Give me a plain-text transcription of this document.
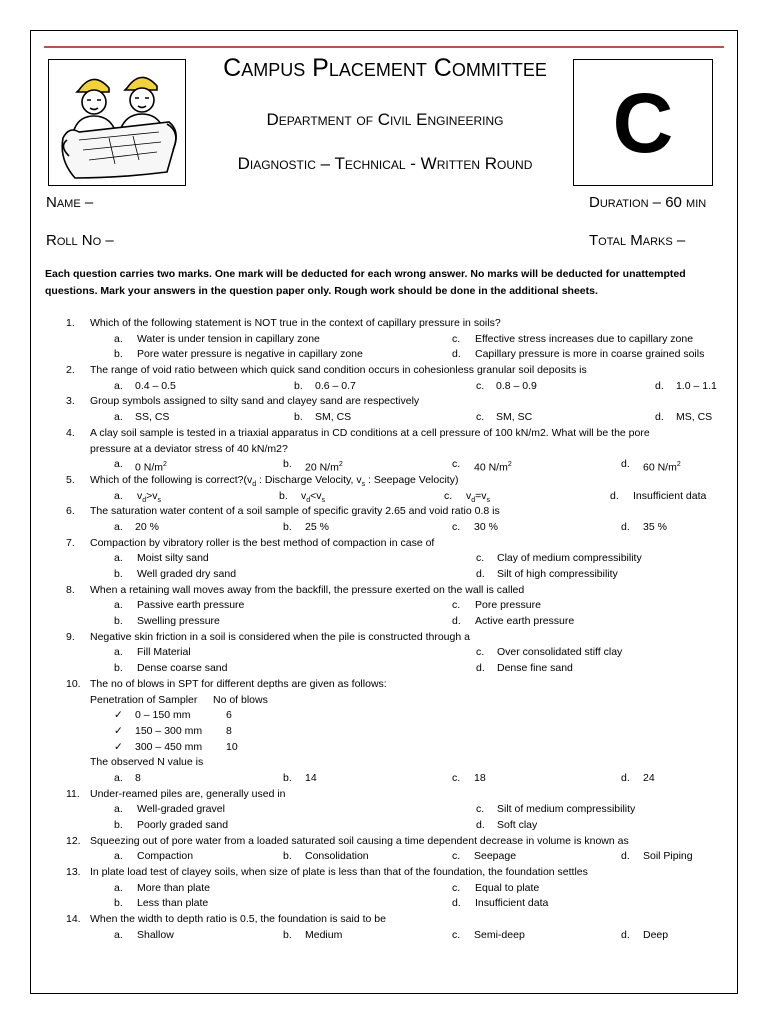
Campus Placement Committee
Department of Civil Engineering
Diagnostic – Technical - Written Round C
Name –	Duration – 60 min
Roll No –	Total Marks –
Each question carries two marks. One mark will be deducted for each wrong answer. No marks will be deducted for unattempted questions. Mark your answers in the question paper only. Rough work should be done in the additional sheets.
1. Which of the following statement is NOT true in the context of capillary pressure in soils?
a. Water is under tension in capillary zone	c. Effective stress increases due to capillary zone
b. Pore water pressure is negative in capillary zone	d. Capillary pressure is more in coarse grained soils
2. The range of void ratio between which quick sand condition occurs in cohesionless granular soil deposits is
a. 0.4 – 0.5	b. 0.6 – 0.7	c. 0.8 – 0.9	d. 1.0 – 1.1
3. Group symbols assigned to silty sand and clayey sand are respectively
a. SS, CS	b. SM, CS	c. SM, SC	d. MS, CS
4. A clay soil sample is tested in a triaxial apparatus in CD conditions at a cell pressure of 100 kN/m2. What will be the pore
pressure at a deviator stress of 40 kN/m2?
a. 0 $N/m^2$	b. 20 $N/m^2$	c. 40 $N/m^2$	d. 60 $N/m^2$
5. Which of the following is $correct?(v_d$ : Discharge Velocity, $v_s$ : Seepage Velocity)
a. $v_d>v_s$	b. $v_d<v_s$	c. $v_d=v_s$	d. Insufficient data
6. The saturation water content of a soil sample of specific gravity 2.65 and void ratio 0.8 is
a. 20 %	b. 25 %	c. 30 %	d. 35 %
7. Compaction by vibratory roller is the best method of compaction in case of
a. Moist silty sand	c. Clay of medium compressibility
b. Well graded dry sand	d. Silt of high compressibility
8. When a retaining wall moves away from the backfill, the pressure exerted on the wall is called
a. Passive earth pressure	c. Pore pressure
b. Swelling pressure	d. Active earth pressure
9. Negative skin friction in a soil is considered when the pile is constructed through a
a. Fill Material	c. Over consolidated stiff clay
b. Dense coarse sand	d. Dense fine sand
10. The no of blows in SPT for different depths are given as follows:
Penetration of Sampler No of blows
✓ 0 – 150 mm	6
✓ 150 – 300 mm 8
✓ 300 – 450 mm 10
The observed N value is
a. 8	b. 14	c. 18	d. 24
11. Under-reamed piles are, generally used in
a. Well-graded gravel	c. Silt of medium compressibility
b. Poorly graded sand	d. Soft clay
12. Squeezing out of pore water from a loaded saturated soil causing a time dependent decrease in volume is known as
a. Compaction	b. Consolidation	c. Seepage	d. Soil Piping
13. In plate load test of clayey soils, when size of plate is less than that of the foundation, the foundation settles
a. More than plate	c. Equal to plate
b. Less than plate	d. Insufficient data
14. When the width to depth ratio is 0.5, the foundation is said to be
a. Shallow	b. Medium	c. Semi-deep	d. Deep
